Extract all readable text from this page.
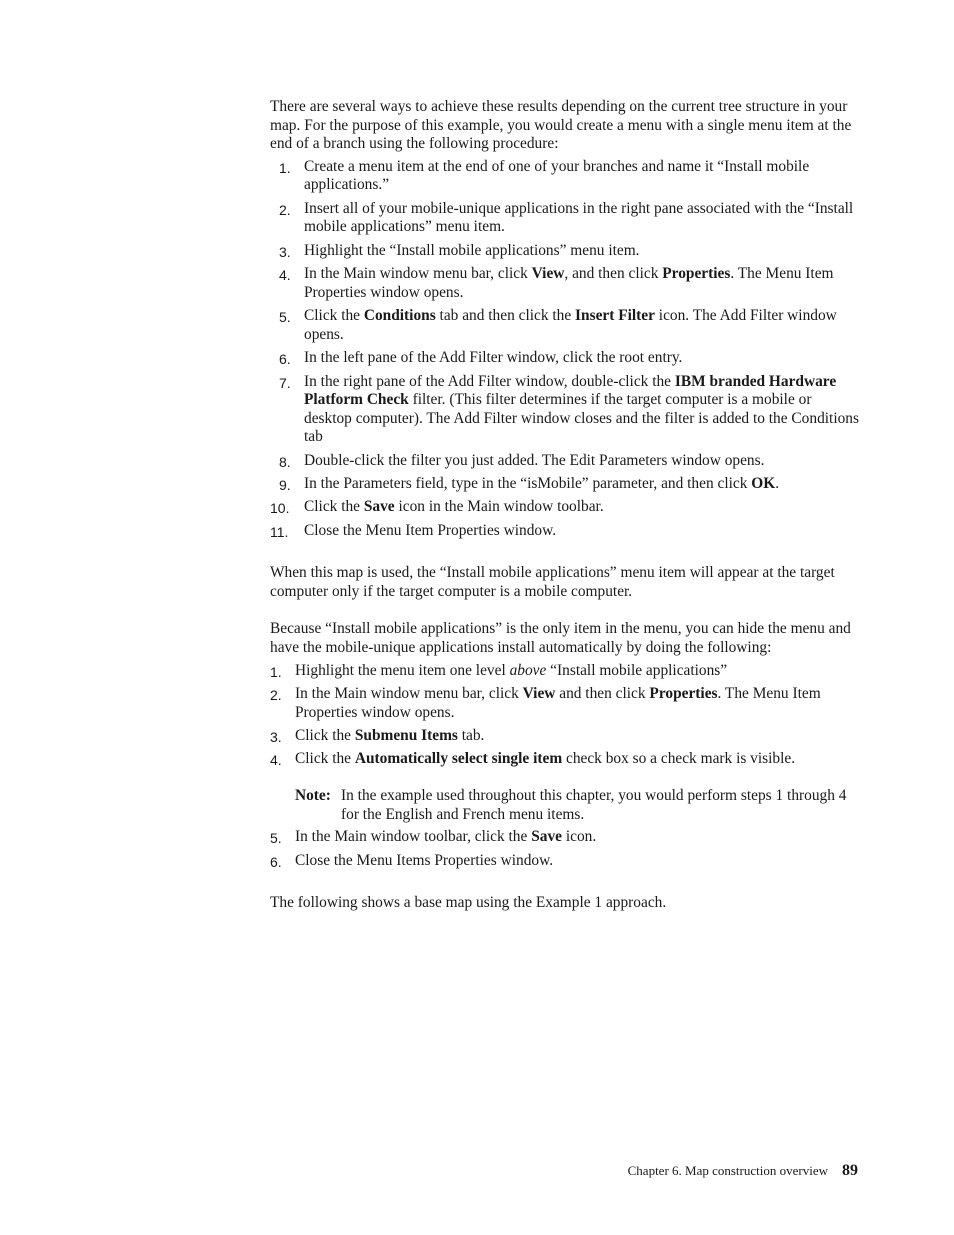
There are several ways to achieve these results depending on the current tree structure in your map. For the purpose of this example, you would create a menu with a single menu item at the end of a branch using the following procedure:

1. Create a menu item at the end of one of your branches and name it “Install mobile applications.”
2. Insert all of your mobile-unique applications in the right pane associated with the “Install mobile applications” menu item.
3. Highlight the “Install mobile applications” menu item.
4. In the Main window menu bar, click View, and then click Properties. The Menu Item Properties window opens.
5. Click the Conditions tab and then click the Insert Filter icon. The Add Filter window opens.
6. In the left pane of the Add Filter window, click the root entry.
7. In the right pane of the Add Filter window, double-click the IBM branded Hardware Platform Check filter. (This filter determines if the target computer is a mobile or desktop computer). The Add Filter window closes and the filter is added to the Conditions tab
8. Double-click the filter you just added. The Edit Parameters window opens.
9. In the Parameters field, type in the “isMobile” parameter, and then click OK.
10. Click the Save icon in the Main window toolbar.
11. Close the Menu Item Properties window.

When this map is used, the “Install mobile applications” menu item will appear at the target computer only if the target computer is a mobile computer.

Because “Install mobile applications” is the only item in the menu, you can hide the menu and have the mobile-unique applications install automatically by doing the following:

1. Highlight the menu item one level above “Install mobile applications”
2. In the Main window menu bar, click View and then click Properties. The Menu Item Properties window opens.
3. Click the Submenu Items tab.
4. Click the Automatically select single item check box so a check mark is visible.
Note: In the example used throughout this chapter, you would perform steps 1 through 4 for the English and French menu items.
5. In the Main window toolbar, click the Save icon.
6. Close the Menu Items Properties window.

The following shows a base map using the Example 1 approach.

Chapter 6. Map construction overview 89
